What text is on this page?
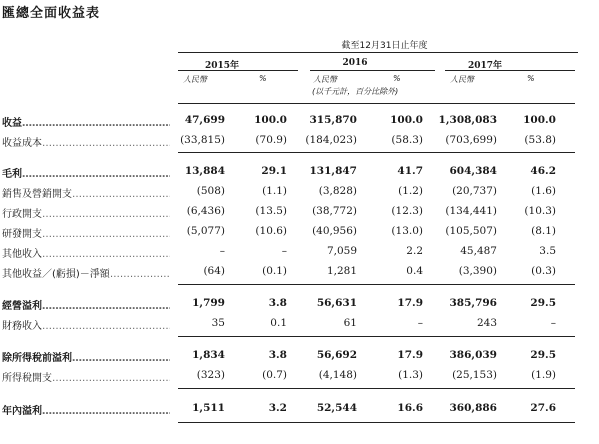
匯總全面收益表
截至12月31日止年度
2015年	2016	2017年
人民幣	%	人民幣	%	人民幣	%
(以千元計，百分比除外)
收益 ………………………………………………………………………	47,699	100.0 315,870	100.0 1,308,083 100.0
收益成本 ………………………………………………………………………	(33,815)	(70.9) (184,023)	(58.3) (703,699)	(53.8)
毛利 ………………………………………………………………………	13,884	29.1 131,847	41.7	604,384	46.2
銷售及營銷開支 ………………………………………………………………………	(508)	(1.1)	(3,828)	(1.2)	(20,737)	(1.6)
行政開支 ………………………………………………………………………	(6,436)	(13.5) (38,772)	(12.3) (134,441)	(10.3)
研發開支 ………………………………………………………………………	(5,077)	(10.6) (40,956)	(13.0) (105,507)	(8.1)
其他收入 ………………………………………………………………………	–	–	7,059	2.2	45,487	3.5
其他收益／(虧損)－淨額 ………………………………………………………………………	(64)	(0.1)	1,281	0.4	(3,390)	(0.3)
經營溢利 ………………………………………………………………………	1,799	3.8	56,631	17.9	385,796	29.5
財務收入 ………………………………………………………………………	35	0.1	61	–	243	–
除所得稅前溢利 ………………………………………………………………………	1,834	3.8	56,692	17.9	386,039	29.5
所得稅開支 ………………………………………………………………………	(323)	(0.7)	(4,148)	(1.3)	(25,153)	(1.9)
年內溢利 ………………………………………………………………………	1,511	3.2	52,544	16.6	360,886	27.6
